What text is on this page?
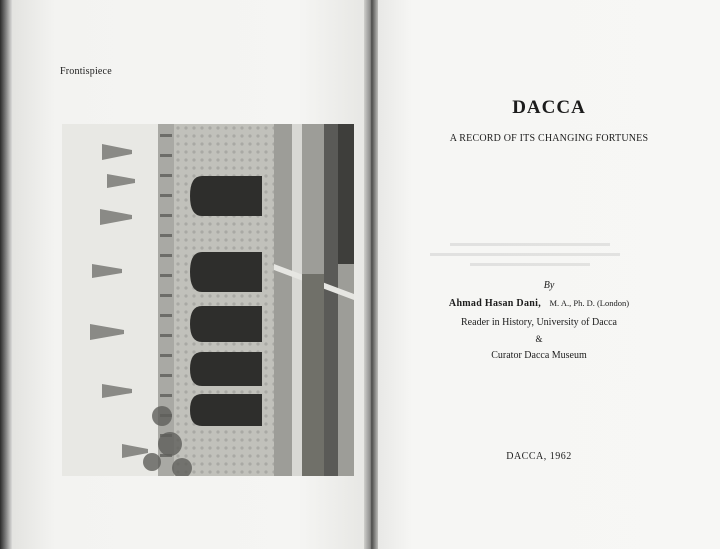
Frontispiece
DACCA
A RECORD OF ITS CHANGING FORTUNES
By
Ahmad Hasan Dani, M. A., Ph. D. (London)
Reader in History, University of Dacca
&
Curator Dacca Museum
DACCA, 1962
